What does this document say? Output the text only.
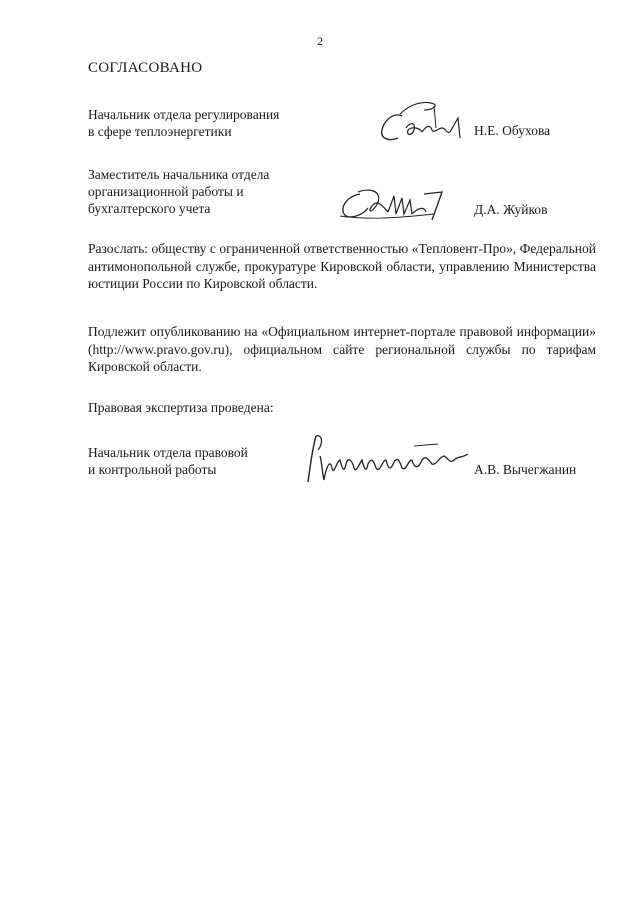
2
СОГЛАСОВАНО
Начальник отдела регулирования
в сфере теплоэнергетики	Н.Е. Обухова
Заместитель начальника отдела
организационной работы и
бухгалтерского учета	Д.А. Жуйков
Разослать: обществу с ограниченной ответственностью «Тепловент-Про», Федеральной антимонопольной службе, прокуратуре Кировской области, управлению Министерства юстиции России по Кировской области.
Подлежит опубликованию на «Официальном интернет-портале правовой информации» (http://www.pravo.gov.ru), официальном сайте региональной службы по тарифам Кировской области.
Правовая экспертиза проведена:
Начальник отдела правовой
и контрольной работы	А.В. Вычегжанин
